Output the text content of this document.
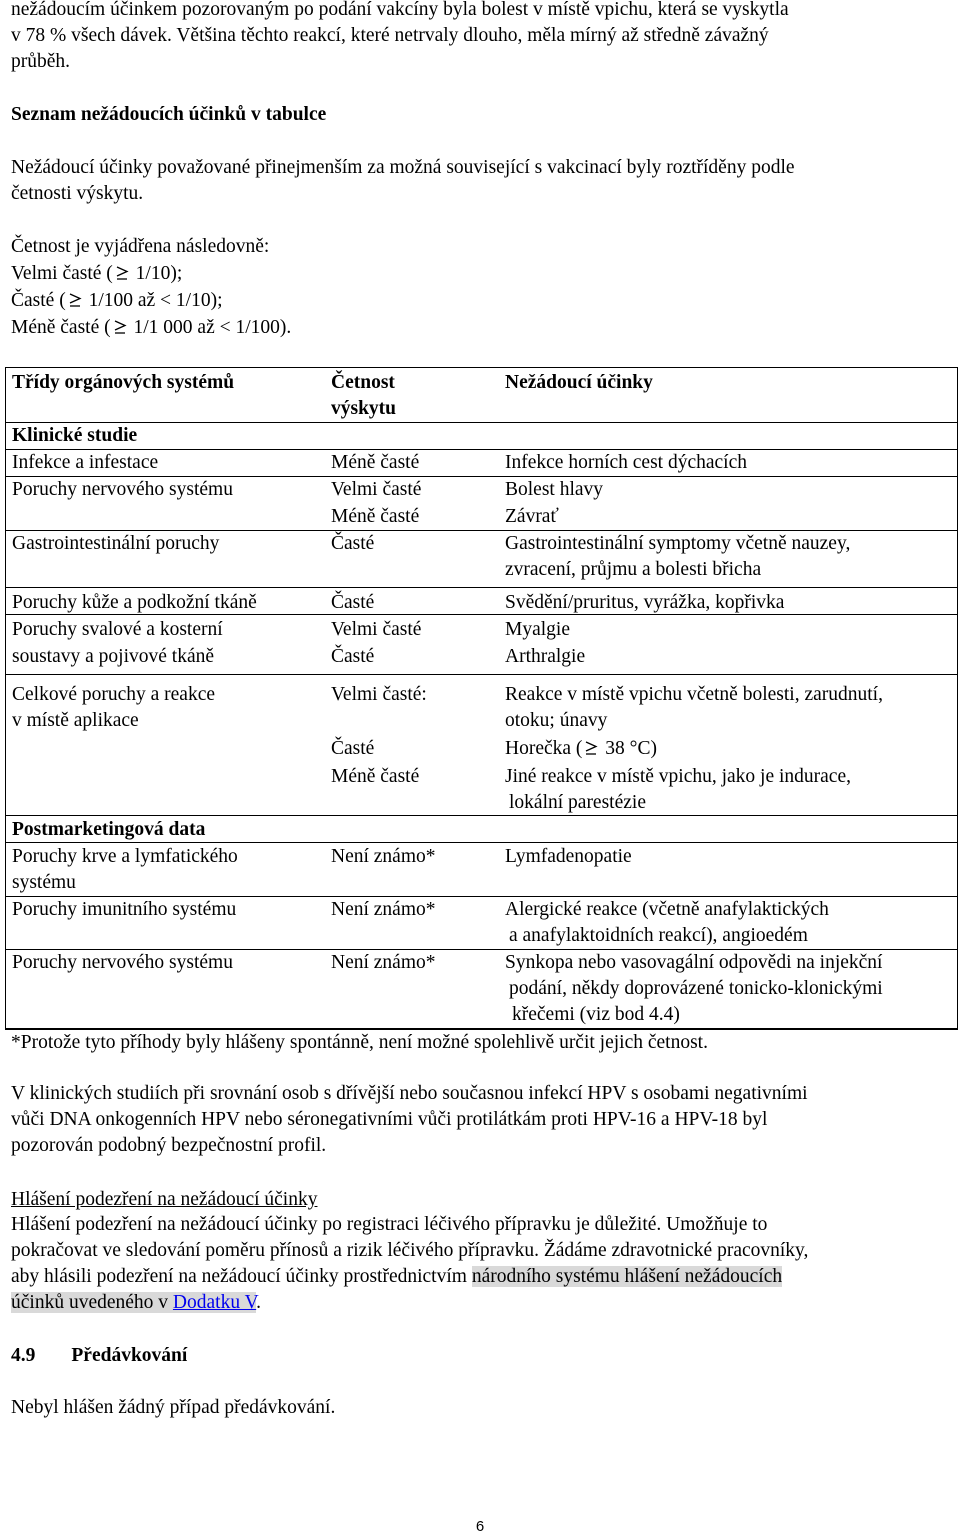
nežádoucím účinkem pozorovaným po podání vakcíny byla bolest v místě vpichu, která se vyskytla

v 78 % všech dávek. Většina těchto reakcí, které netrvaly dlouho, měla mírný až středně závažný

průběh.

Seznam nežádoucích účinků v tabulce

Nežádoucí účinky považované přinejmenším za možná související s vakcinací byly roztříděny podle

četnosti výskytu.

Četnost je vyjádřena následovně:

Velmi časté (
1/10);

Časté (
1/100 až < 1/10);

Méně časté (
1/1 000 až < 1/100).

Třídy orgánových systémů	Četnost
výskytu
Nežádoucí účinky
Klinické studie
Infekce a infestace	Méně časté	Infekce horních cest dýchacích
Poruchy nervového systému	Velmi časté	Bolest hlavy
Méně časté	Závrať
Gastrointestinální poruchy	Časté	Gastrointestinální symptomy včetně nauzey,
zvracení, průjmu a bolesti břicha
Poruchy kůže a podkožní tkáně	Časté	Svědění/pruritus, vyrážka, kopřivka
Poruchy svalové a kosterní	Velmi časté	Myalgie
soustavy a pojivové tkáně	Časté	Arthralgie
Celkové poruchy a reakce	Velmi časté:	Reakce v místě vpichu včetně bolesti, zarudnutí,
v místě aplikace	otoku; únavy
Časté	Horečka (
38 °C)
Méně časté	Jiné reakce v místě vpichu, jako je indurace,
lokální parestézie
Postmarketingová data
Poruchy krve a lymfatického
systému
Není známo*	Lymfadenopatie
Poruchy imunitního systému	Není známo*	Alergické reakce (včetně anafylaktických
a anafylaktoidních reakcí), angioedém
Poruchy nervového systému	Není známo*	Synkopa nebo vasovagální odpovědi na injekční
podání, někdy doprovázené tonicko-klonickými
křečemi (viz bod 4.4)

*Protože tyto příhody byly hlášeny spontánně, není možné spolehlivě určit jejich četnost.

V klinických studiích při srovnání osob s dřívější nebo současnou infekcí HPV s osobami negativními

vůči DNA onkogenních HPV nebo séronegativními vůči protilátkám proti HPV-16 a HPV-18 byl

pozorován podobný bezpečnostní profil.

Hlášení podezření na nežádoucí účinky

Hlášení podezření na nežádoucí účinky po registraci léčivého přípravku je důležité. Umožňuje to

pokračovat ve sledování poměru přínosů a rizik léčivého přípravku. Žádáme zdravotnické pracovníky,

aby hlásili podezření na nežádoucí účinky prostřednictvím národního systému hlášení nežádoucích

účinků uvedeného v Dodatku V.

4.9 Předávkování

Nebyl hlášen žádný případ předávkování.

6
